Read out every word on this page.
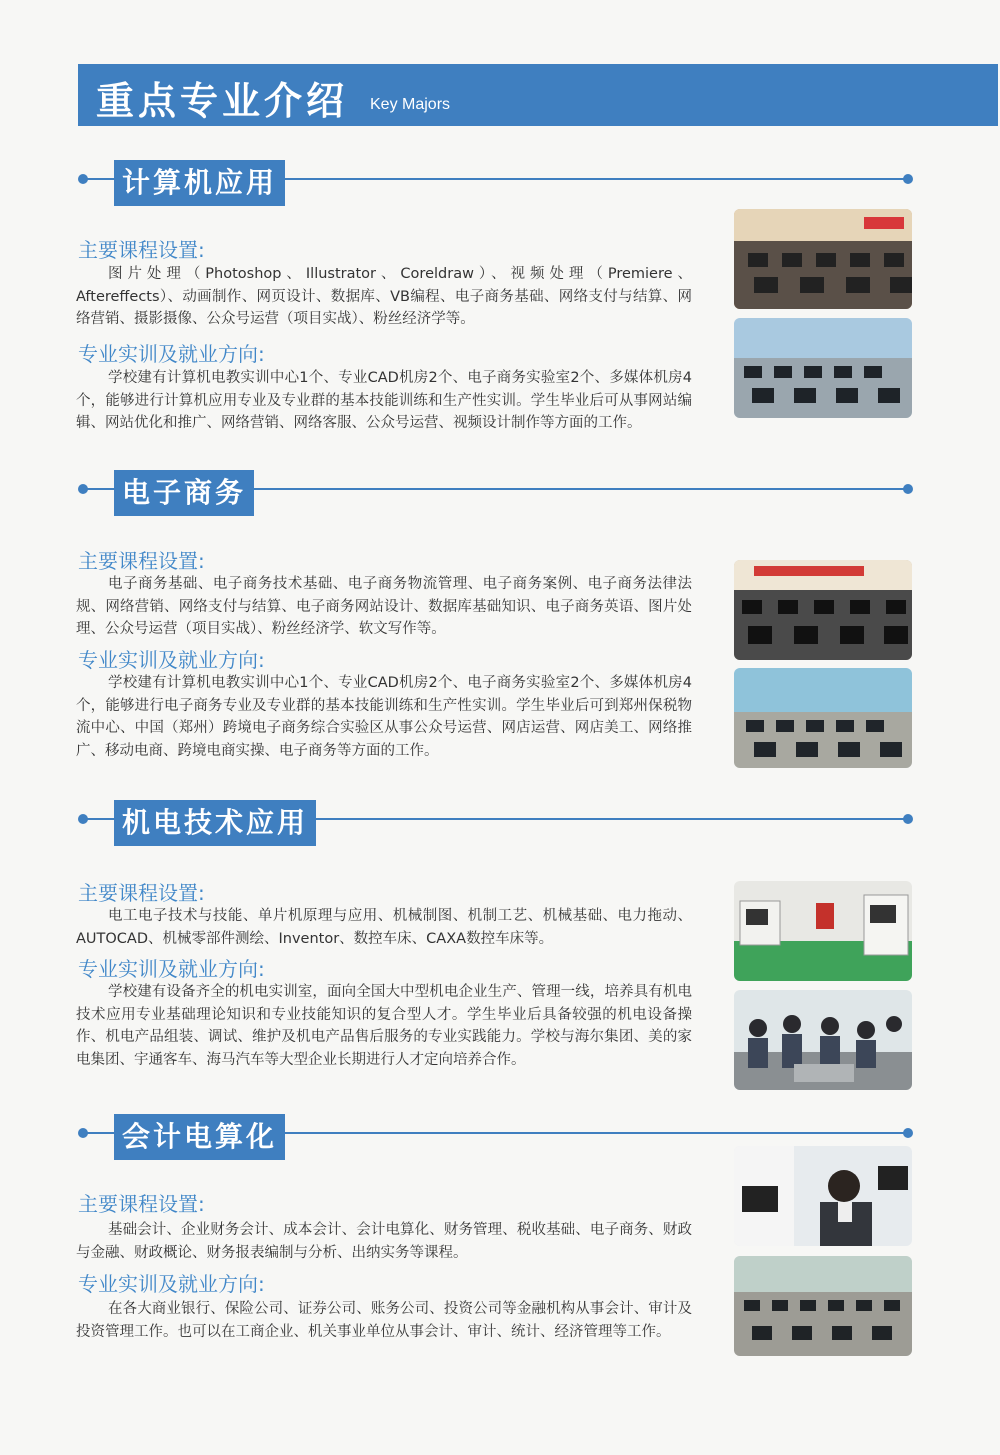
重点专业介绍 Key Majors
计算机应用
主要课程设置:
图片处理（Photoshop、Illustrator、Coreldraw）、视频处理（Premiere、Aftereffects）、动画制作、网页设计、数据库、VB编程、电子商务基础、网络支付与结算、网络营销、摄影摄像、公众号运营（项目实战）、粉丝经济学等。
专业实训及就业方向:
学校建有计算机电教实训中心1个、专业CAD机房2个、电子商务实验室2个、多媒体机房4个，能够进行计算机应用专业及专业群的基本技能训练和生产性实训。学生毕业后可从事网站编辑、网站优化和推广、网络营销、网络客服、公众号运营、视频设计制作等方面的工作。
电子商务
主要课程设置:
电子商务基础、电子商务技术基础、电子商务物流管理、电子商务案例、电子商务法律法规、网络营销、网络支付与结算、电子商务网站设计、数据库基础知识、电子商务英语、图片处理、公众号运营（项目实战）、粉丝经济学、软文写作等。
专业实训及就业方向:
学校建有计算机电教实训中心1个、专业CAD机房2个、电子商务实验室2个、多媒体机房4个，能够进行电子商务专业及专业群的基本技能训练和生产性实训。学生毕业后可到郑州保税物流中心、中国（郑州）跨境电子商务综合实验区从事公众号运营、网店运营、网店美工、网络推广、移动电商、跨境电商实操、电子商务等方面的工作。
机电技术应用
主要课程设置:
电工电子技术与技能、单片机原理与应用、机械制图、机制工艺、机械基础、电力拖动、AUTOCAD、机械零部件测绘、Inventor、数控车床、CAXA数控车床等。
专业实训及就业方向:
学校建有设备齐全的机电实训室，面向全国大中型机电企业生产、管理一线，培养具有机电技术应用专业基础理论知识和专业技能知识的复合型人才。学生毕业后具备较强的机电设备操作、机电产品组装、调试、维护及机电产品售后服务的专业实践能力。学校与海尔集团、美的家电集团、宇通客车、海马汽车等大型企业长期进行人才定向培养合作。
会计电算化
主要课程设置:
基础会计、企业财务会计、成本会计、会计电算化、财务管理、税收基础、电子商务、财政与金融、财政概论、财务报表编制与分析、出纳实务等课程。
专业实训及就业方向:
在各大商业银行、保险公司、证券公司、账务公司、投资公司等金融机构从事会计、审计及投资管理工作。也可以在工商企业、机关事业单位从事会计、审计、统计、经济管理等工作。
